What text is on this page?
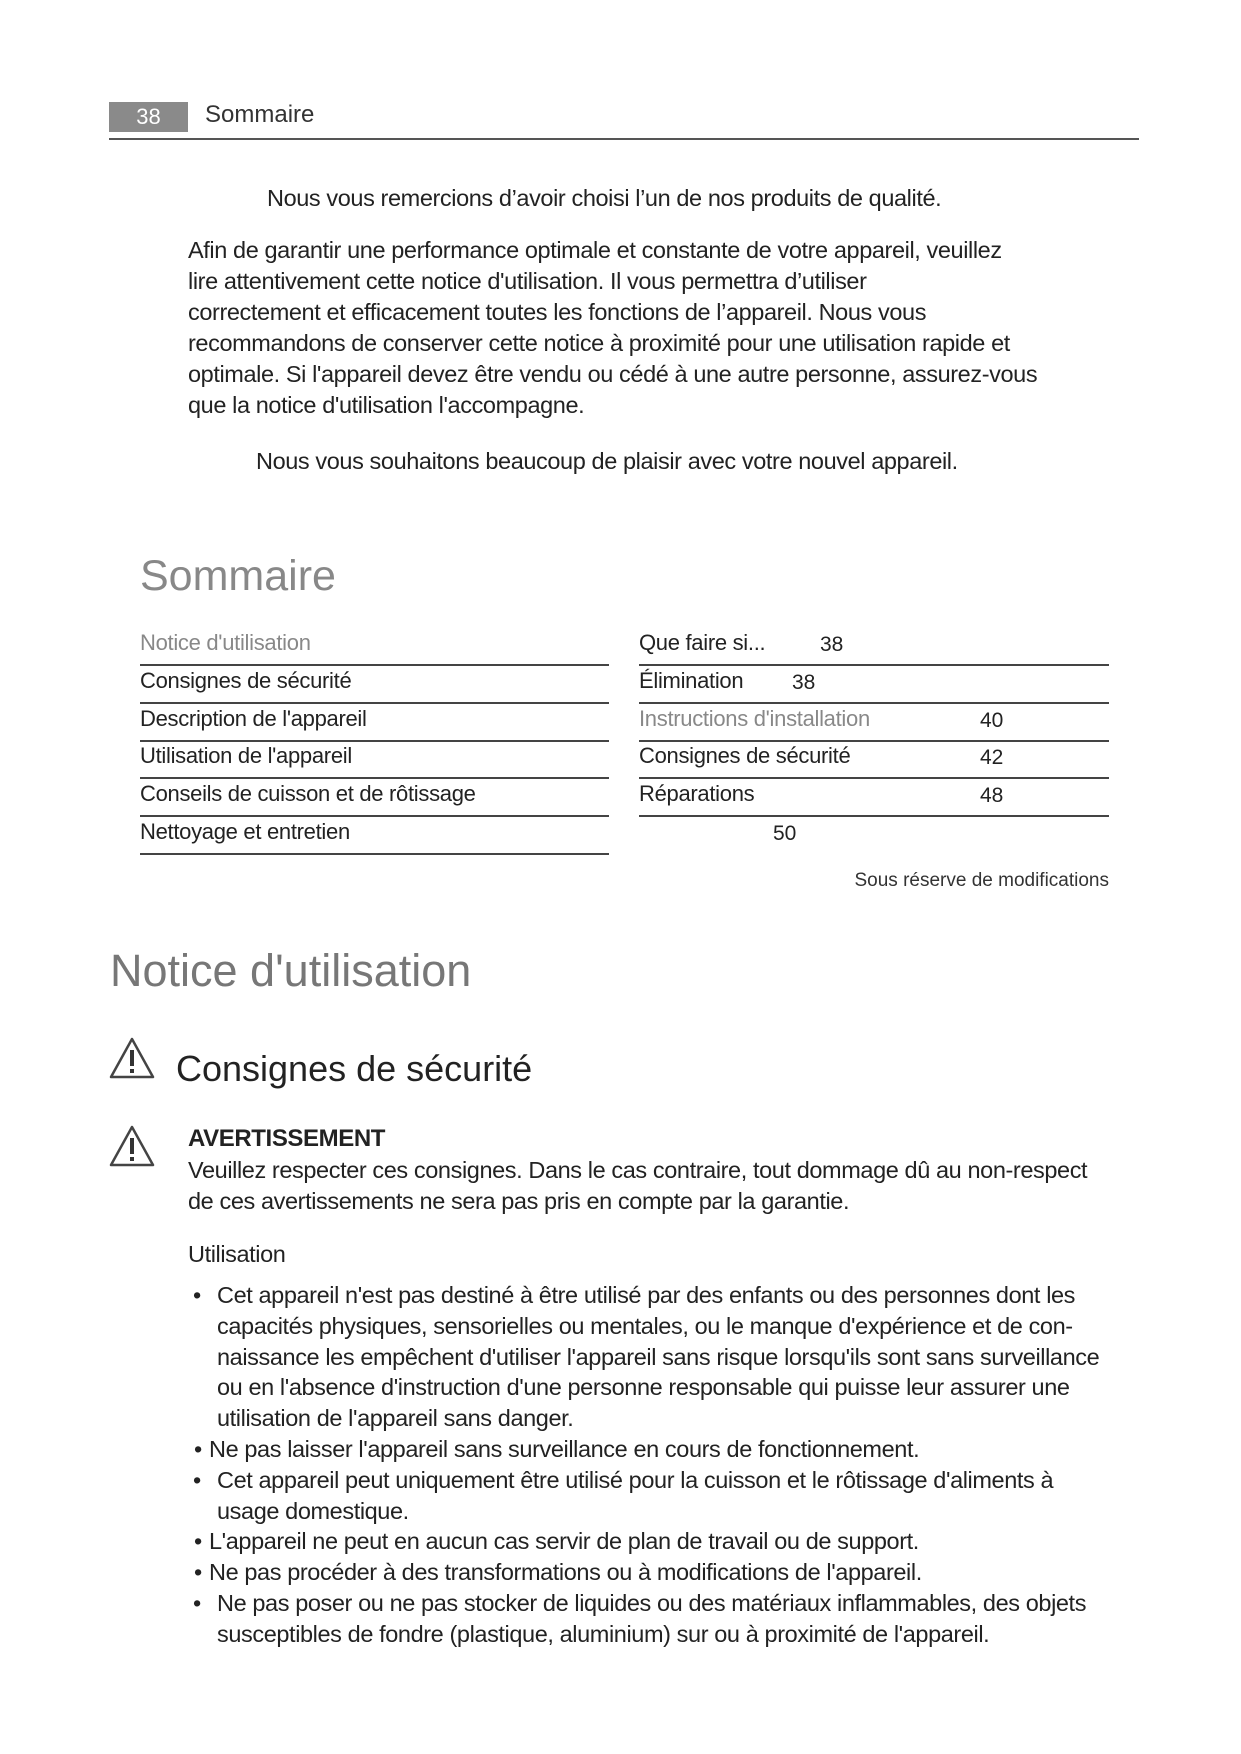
38	Sommaire
Nous vous remercions d’avoir choisi l’un de nos produits de qualité.
Afin de garantir une performance optimale et constante de votre appareil, veuillez
lire attentivement cette notice d'utilisation. Il vous permettra d’utiliser
correctement et efficacement toutes les fonctions de l’appareil. Nous vous
recommandons de conserver cette notice à proximité pour une utilisation rapide et
optimale. Si l'appareil devez être vendu ou cédé à une autre personne, assurez-vous
que la notice d'utilisation l'accompagne.
Nous vous souhaitons beaucoup de plaisir avec votre nouvel appareil.
Sommaire
Sous réserve de modifications
Notice d'utilisation
Consignes de sécurité
AVERTISSEMENT
Veuillez respecter ces consignes. Dans le cas contraire, tout dommage dû au non-respect
de ces avertissements ne sera pas pris en compte par la garantie.
Utilisation
Notice d'utilisation
Consignes de sécurité
Description de l'appareil
Utilisation de l'appareil
Conseils de cuisson et de rôtissage
Nettoyage et entretien
Que faire si...
Élimination
Instructions d'installation
Consignes de sécurité
Réparations
38
38
40
42
48
50
• Cet appareil n'est pas destiné à être utilisé par des enfants ou des personnes dont les
capacités physiques, sensorielles ou mentales, ou le manque d'expérience et de con-
naissance les empêchent d'utiliser l'appareil sans risque lorsqu'ils sont sans surveillance
ou en l'absence d'instruction d'une personne responsable qui puisse leur assurer une
utilisation de l'appareil sans danger.
• Ne pas laisser l'appareil sans surveillance en cours de fonctionnement.
• Cet appareil peut uniquement être utilisé pour la cuisson et le rôtissage d'aliments à
usage domestique.
• L'appareil ne peut en aucun cas servir de plan de travail ou de support.
• Ne pas procéder à des transformations ou à modifications de l'appareil.
• Ne pas poser ou ne pas stocker de liquides ou des matériaux inflammables, des objets
susceptibles de fondre (plastique, aluminium) sur ou à proximité de l'appareil.
